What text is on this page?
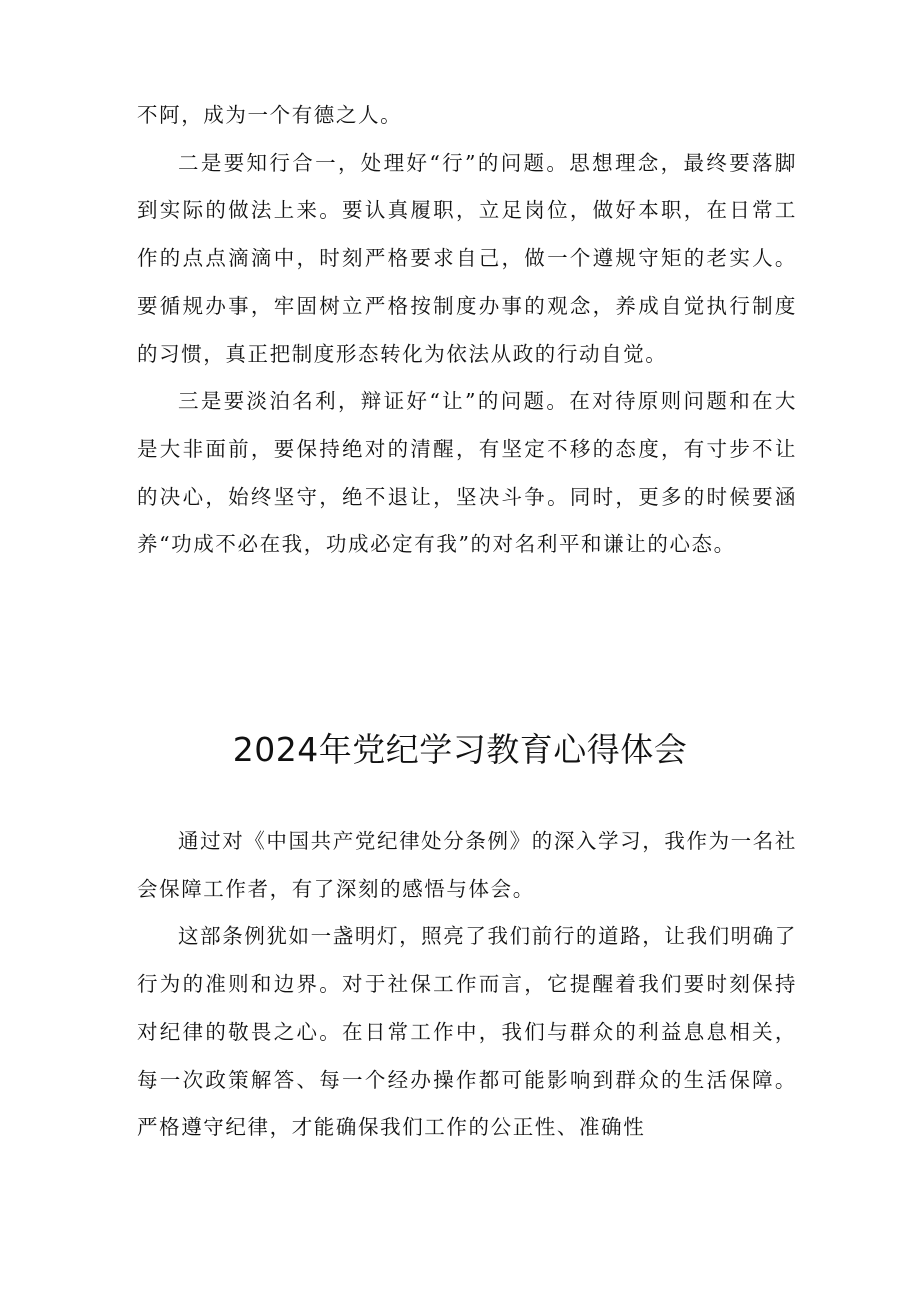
不阿，成为一个有德之人。

二是要知行合一，处理好“行”的问题。思想理念，最终要落脚到实际的做法上来。要认真履职，立足岗位，做好本职，在日常工作的点点滴滴中，时刻严格要求自己，做一个遵规守矩的老实人。要循规办事，牢固树立严格按制度办事的观念，养成自觉执行制度的习惯，真正把制度形态转化为依法从政的行动自觉。

三是要淡泊名利，辩证好“让”的问题。在对待原则问题和在大是大非面前，要保持绝对的清醒，有坚定不移的态度，有寸步不让的决心，始终坚守，绝不退让，坚决斗争。同时，更多的时候要涵养“功成不必在我，功成必定有我”的对名利平和谦让的心态。

2024年党纪学习教育心得体会

通过对《中国共产党纪律处分条例》的深入学习，我作为一名社会保障工作者，有了深刻的感悟与体会。

这部条例犹如一盏明灯，照亮了我们前行的道路，让我们明确了行为的准则和边界。对于社保工作而言，它提醒着我们要时刻保持对纪律的敬畏之心。在日常工作中，我们与群众的利益息息相关，每一次政策解答、每一个经办操作都可能影响到群众的生活保障。严格遵守纪律，才能确保我们工作的公正性、准确性
